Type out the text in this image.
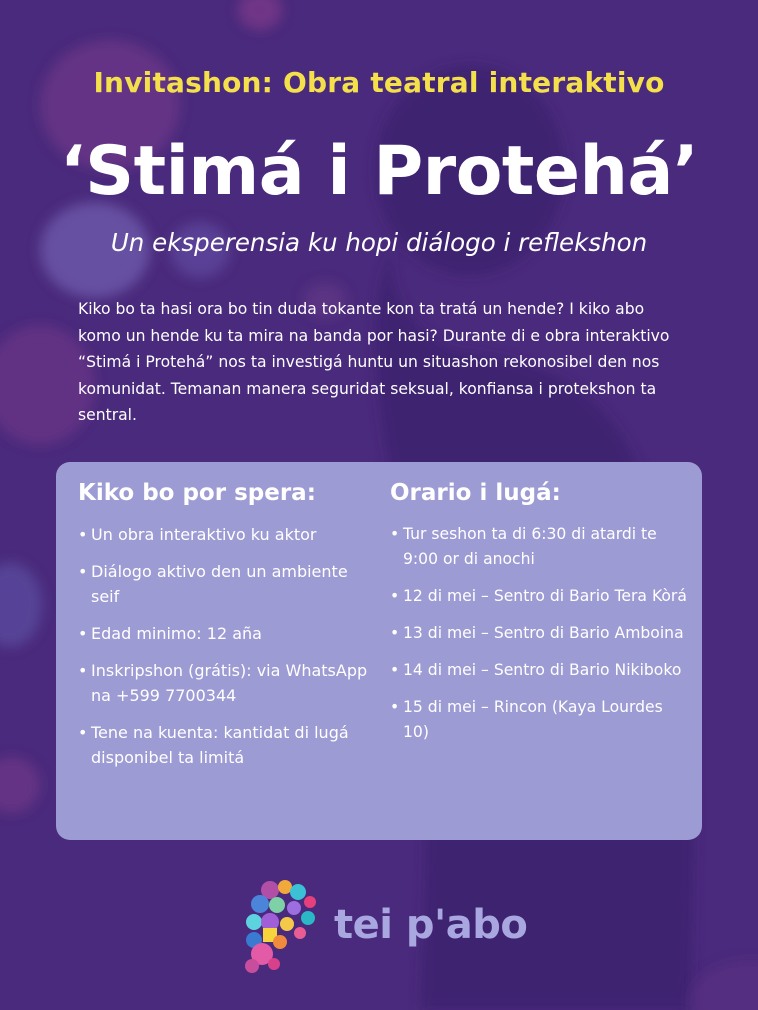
Invitashon: Obra teatral interaktivo
‘Stimá i Protehá’
Un eksperensia ku hopi diálogo i reflekshon
Kiko bo ta hasi ora bo tin duda tokante kon ta tratá un hende? I kiko abo komo un hende ku ta mira na banda por hasi? Durante di e obra interaktivo “Stimá i Protehá” nos ta investigá huntu un situashon rekonosibel den nos komunidat. Temanan manera seguridat seksual, konfiansa i protekshon ta sentral.
Kiko bo por spera:
• Un obra interaktivo ku aktor
• Diálogo aktivo den un ambiente seif
• Edad minimo: 12 aña
• Inskripshon (grátis): via WhatsApp na +599 7700344
• Tene na kuenta: kantidat di lugá disponibel ta limitá
Orario i lugá:
• Tur seshon ta di 6:30 di atardi te 9:00 or di anochi
• 12 di mei – Sentro di Bario Tera Kòrá
• 13 di mei – Sentro di Bario Amboina
• 14 di mei – Sentro di Bario Nikiboko
• 15 di mei – Rincon (Kaya Lourdes 10)
tei p'abo
